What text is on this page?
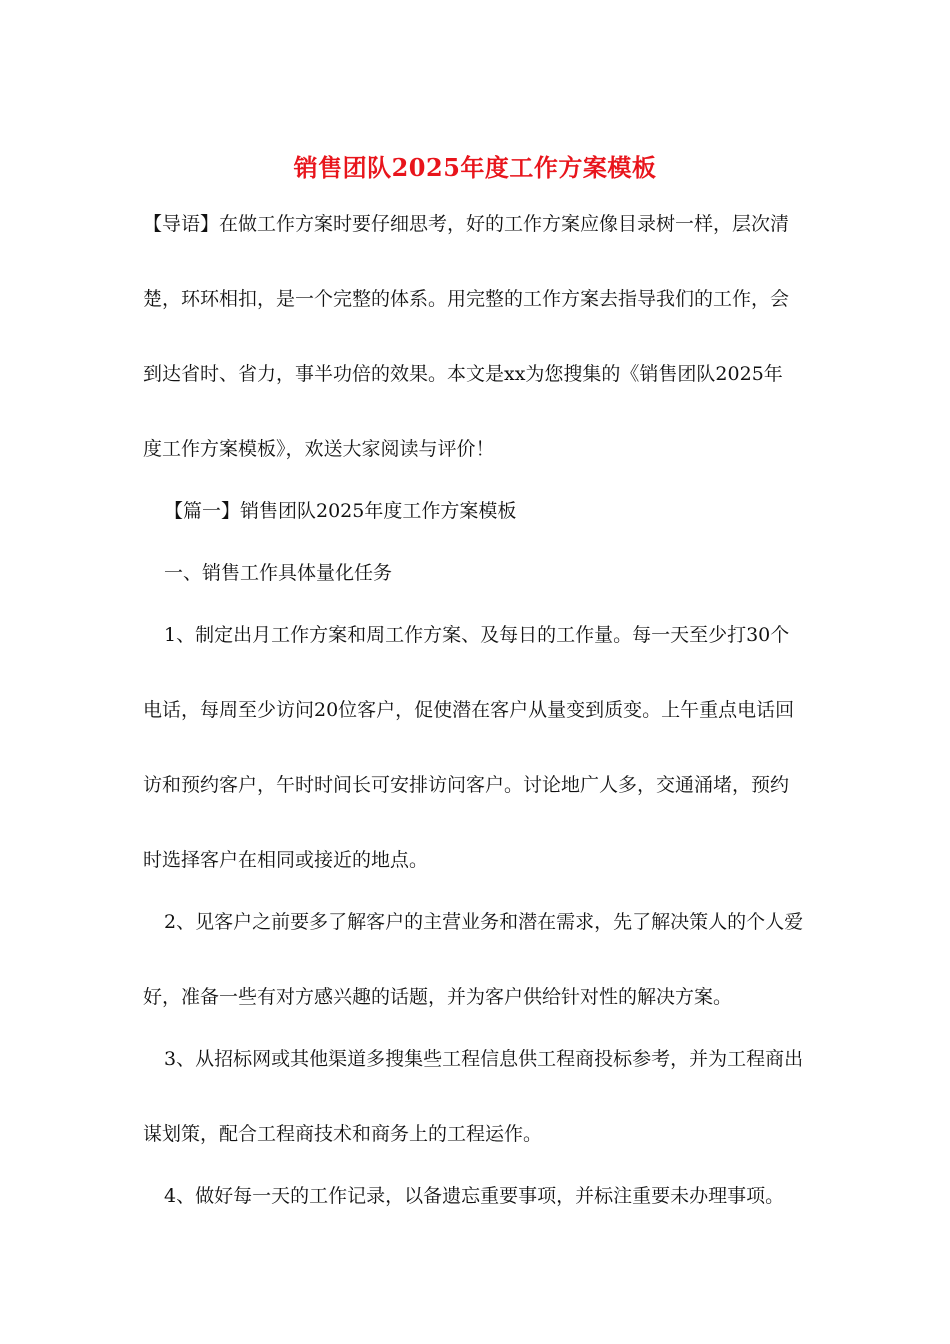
销售团队2025年度工作方案模板
【导语】在做工作方案时要仔细思考，好的工作方案应像目录树一样，层次清
楚，环环相扣，是一个完整的体系。用完整的工作方案去指导我们的工作，会
到达省时、省力，事半功倍的效果。本文是xx为您搜集的《销售团队2025年
度工作方案模板》，欢送大家阅读与评价！
【篇一】销售团队2025年度工作方案模板
一、销售工作具体量化任务
1、制定出月工作方案和周工作方案、及每日的工作量。每一天至少打30个
电话，每周至少访问20位客户，促使潜在客户从量变到质变。上午重点电话回
访和预约客户，午时时间长可安排访问客户。讨论地广人多，交通涌堵，预约
时选择客户在相同或接近的地点。
2、见客户之前要多了解客户的主营业务和潜在需求，先了解决策人的个人爱
好，准备一些有对方感兴趣的话题，并为客户供给针对性的解决方案。
3、从招标网或其他渠道多搜集些工程信息供工程商投标参考，并为工程商出
谋划策，配合工程商技术和商务上的工程运作。
4、做好每一天的工作记录，以备遗忘重要事项，并标注重要未办理事项。
